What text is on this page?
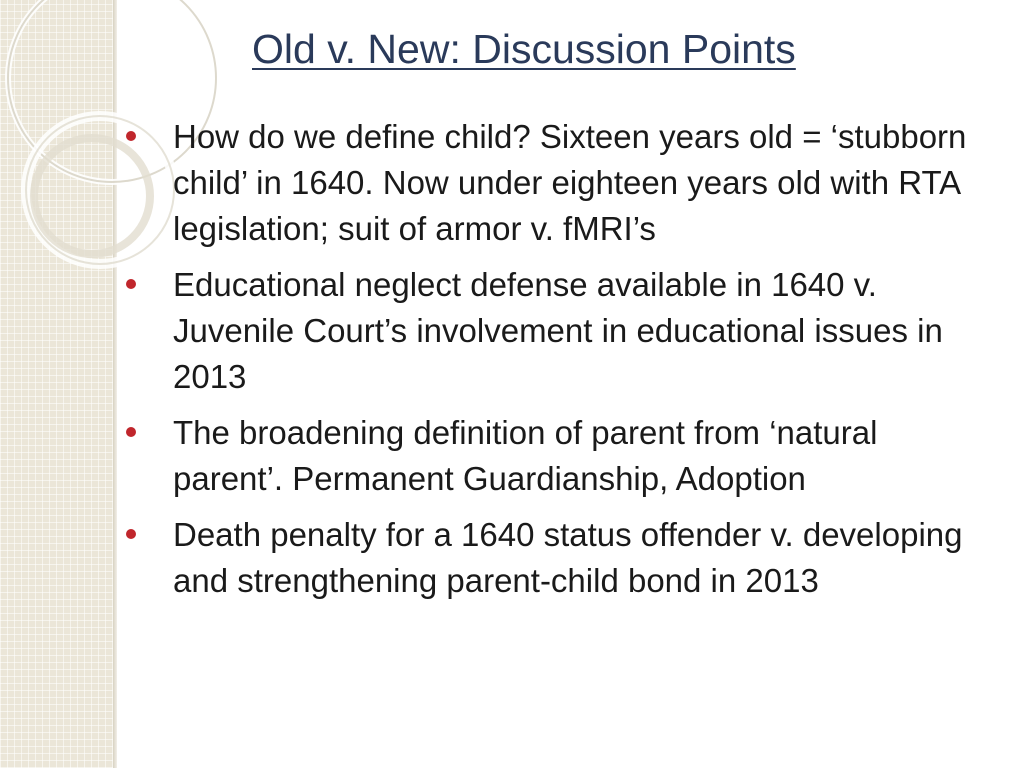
Old v. New: Discussion Points
How do we define child? Sixteen years old = ‘stubborn child’ in 1640. Now under eighteen years old with RTA legislation; suit of armor v. fMRI’s
Educational neglect defense available in 1640 v. Juvenile Court’s involvement in educational issues in 2013
The broadening definition of parent from ‘natural parent’. Permanent Guardianship, Adoption
Death penalty for a 1640 status offender v. developing and strengthening parent-child bond in 2013
